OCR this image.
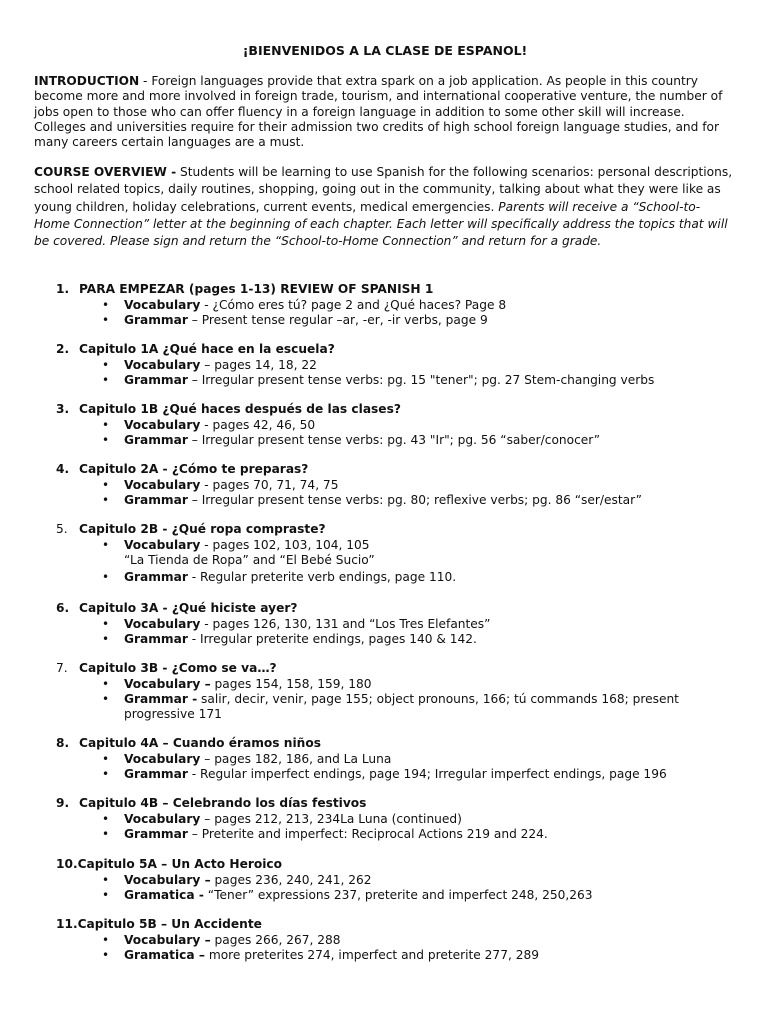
¡BIENVENIDOS A LA CLASE DE ESPANOL!

INTRODUCTION - Foreign languages provide that extra spark on a job application. As people in this country become more and more involved in foreign trade, tourism, and international cooperative venture, the number of jobs open to those who can offer fluency in a foreign language in addition to some other skill will increase. Colleges and universities require for their admission two credits of high school foreign language studies, and for many careers certain languages are a must.

COURSE OVERVIEW - Students will be learning to use Spanish for the following scenarios: personal descriptions, school related topics, daily routines, shopping, going out in the community, talking about what they were like as young children, holiday celebrations, current events, medical emergencies. Parents will receive a “School-to-Home Connection” letter at the beginning of each chapter. Each letter will specifically address the topics that will be covered. Please sign and return the “School-to-Home Connection” and return for a grade.

1. PARA EMPEZAR (pages 1-13) REVIEW OF SPANISH 1
• Vocabulary - ¿Cómo eres tú? page 2 and ¿Qué haces? Page 8
• Grammar – Present tense regular –ar, -er, -ir verbs, page 9
2. Capitulo 1A ¿Qué hace en la escuela?
• Vocabulary – pages 14, 18, 22
• Grammar – Irregular present tense verbs: pg. 15 "tener"; pg. 27 Stem-changing verbs
3. Capitulo 1B ¿Qué haces después de las clases?
• Vocabulary - pages 42, 46, 50
• Grammar – Irregular present tense verbs: pg. 43 "Ir"; pg. 56 “saber/conocer”
4. Capitulo 2A - ¿Cómo te preparas?
• Vocabulary - pages 70, 71, 74, 75
• Grammar – Irregular present tense verbs: pg. 80; reflexive verbs; pg. 86 “ser/estar”
5. Capitulo 2B - ¿Qué ropa compraste?
• Vocabulary - pages 102, 103, 104, 105
“La Tienda de Ropa” and “El Bebé Sucio”
• Grammar - Regular preterite verb endings, page 110.
6. Capitulo 3A - ¿Qué hiciste ayer?
• Vocabulary - pages 126, 130, 131 and “Los Tres Elefantes”
• Grammar - Irregular preterite endings, pages 140 & 142.
7. Capitulo 3B - ¿Como se va…?
• Vocabulary – pages 154, 158, 159, 180
• Grammar - salir, decir, venir, page 155; object pronouns, 166; tú commands 168; present progressive 171
8. Capitulo 4A – Cuando éramos niños
• Vocabulary – pages 182, 186, and La Luna
• Grammar - Regular imperfect endings, page 194; Irregular imperfect endings, page 196
9. Capitulo 4B – Celebrando los días festivos
• Vocabulary – pages 212, 213, 234La Luna (continued)
• Grammar – Preterite and imperfect: Reciprocal Actions 219 and 224.
10.Capitulo 5A – Un Acto Heroico
• Vocabulary – pages 236, 240, 241, 262
• Gramatica - “Tener” expressions 237, preterite and imperfect 248, 250,263
11.Capitulo 5B – Un Accidente
• Vocabulary – pages 266, 267, 288
• Gramatica – more preterites 274, imperfect and preterite 277, 289
